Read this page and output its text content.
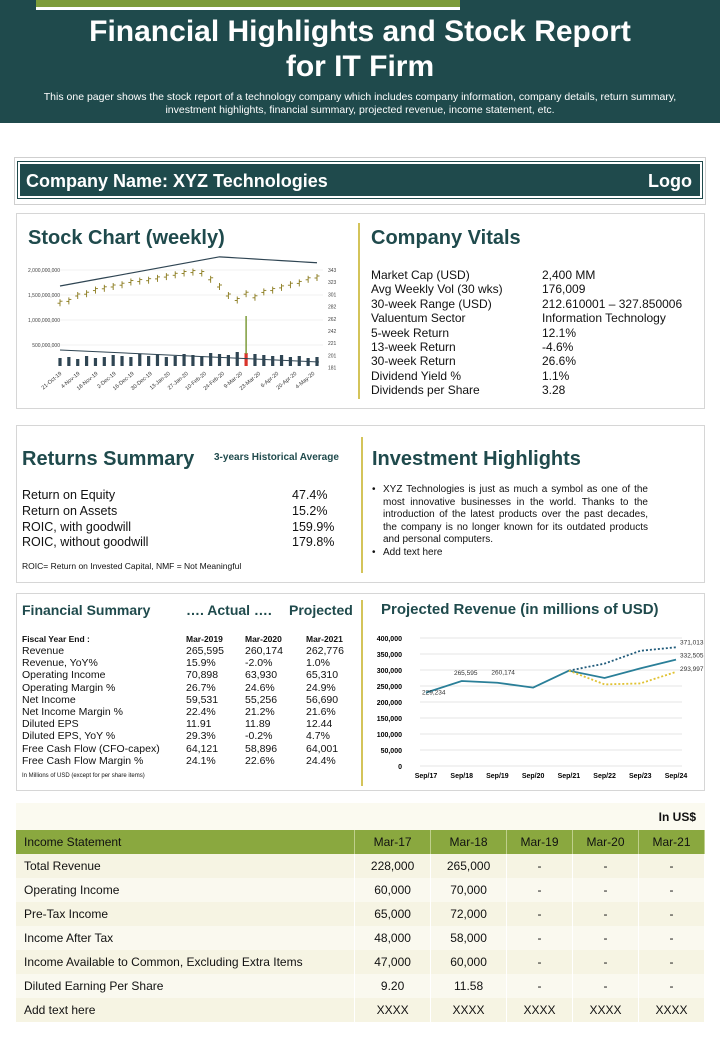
Financial Highlights and Stock Report
for IT Firm
This one pager shows the stock report of a technology company which includes company information, company details, return summary, investment highlights, financial summary, projected revenue, income statement, etc.
Company Name: XYZ Technologies	Logo
Stock Chart (weekly)
2,000,000,000
1,500,000,000
1,000,000,000
500,000,000
343
323
301
282
262
242
221
201
181
21-Oct-19
4-Nov-19
18-Nov-19
2-Dec-19
16-Dec-19
30-Dec-19
13-Jan-20
27-Jan-20
10-Feb-20
24-Feb-20
9-Mar-20
23-Mar-20
6-Apr-20
20-Apr-20
4-May-20
Company Vitals
Market Cap (USD)	2,400 MM
Avg Weekly Vol (30 wks)	176,009
30-week Range (USD)	212.610001 – 327.850006
Valuentum Sector	Information Technology
5-week Return	12.1%
13-week Return	-4.6%
30-week Return	26.6%
Dividend Yield %	1.1%
Dividends per Share	3.28
Returns Summary 3-years Historical Average
Return on Equity	47.4%
Return on Assets	15.2%
ROIC, with goodwill	159.9%
ROIC, without goodwill	179.8%
ROIC= Return on Invested Capital, NMF = Not Meaningful
Investment Highlights
• XYZ Technologies is just as much a symbol as one of the most innovative businesses in the world. Thanks to the introduction of the latest products over the past decades, the company is no longer known for its outdated products and personal computers.
• Add text here
Financial Summary	…. Actual …. Projected
Fiscal Year End :	Mar-2019	Mar-2020	Mar-2021
Revenue	265,595 260,174 262,776
Revenue, YoY%	15.9%	-2.0%	1.0%
Operating Income	70,898	63,930	65,310
Operating Margin %	26.7%	24.6%	24.9%
Net Income	59,531	55,256	56,690
Net Income Margin %	22.4%	21.2%	21.6%
Diluted EPS	11.91	11.89	12.44
Diluted EPS, YoY %	29.3%	-0.2%	4.7%
Free Cash Flow (CFO-capex)	64,121	58,896	64,001
Free Cash Flow Margin %	24.1%	22.6%	24.4%
In Millions of USD (except for per share items)
Projected Revenue (in millions of USD)
400,000
350,000
300,000
250,000
200,000
150,000
100,000
50,000
0
Sep/17 Sep/18 Sep/19 Sep/20 Sep/21 Sep/22 Sep/23 Sep/24
229,234
265,595 260,174
371,013
332,505
293,997
In US$
Income Statement	Mar-17	Mar-18	Mar-19	Mar-20	Mar-21
Total Revenue	228,000	265,000	-	-	-
Operating Income	60,000	70,000	-	-	-
Pre-Tax Income	65,000	72,000	-	-	-
Income After Tax	48,000	58,000	-	-	-
Income Available to Common, Excluding Extra Items	47,000	60,000	-	-	-
Diluted Earning Per Share	9.20	11.58	-	-	-
Add text here	XXXX	XXXX	XXXX	XXXX	XXXX
